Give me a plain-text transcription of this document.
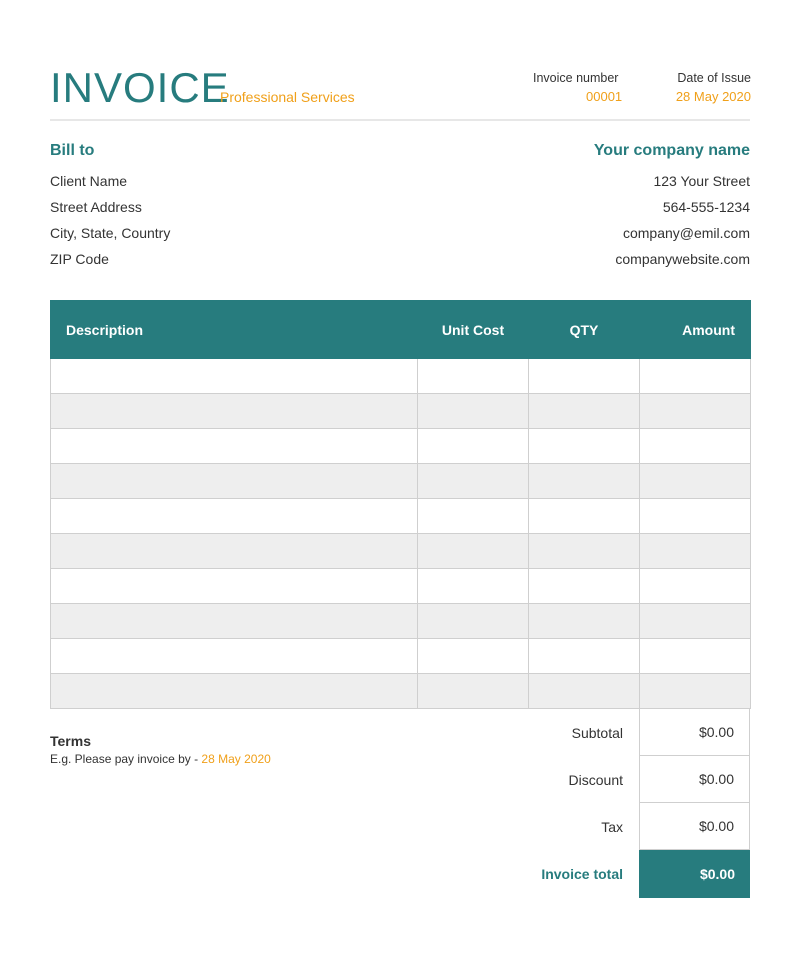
INVOICE
Professional Services
Invoice number
00001
Date of Issue
28 May 2020
Bill to
Client Name
Street Address
City, State, Country
ZIP Code
Your company name
123 Your Street
564-555-1234
company@emil.com
companywebsite.com
Description	Unit Cost	QTY	Amount

Terms
E.g. Please pay invoice by - 28 May 2020
Subtotal	$0.00
Discount	$0.00
Tax	$0.00
Invoice total	$0.00
